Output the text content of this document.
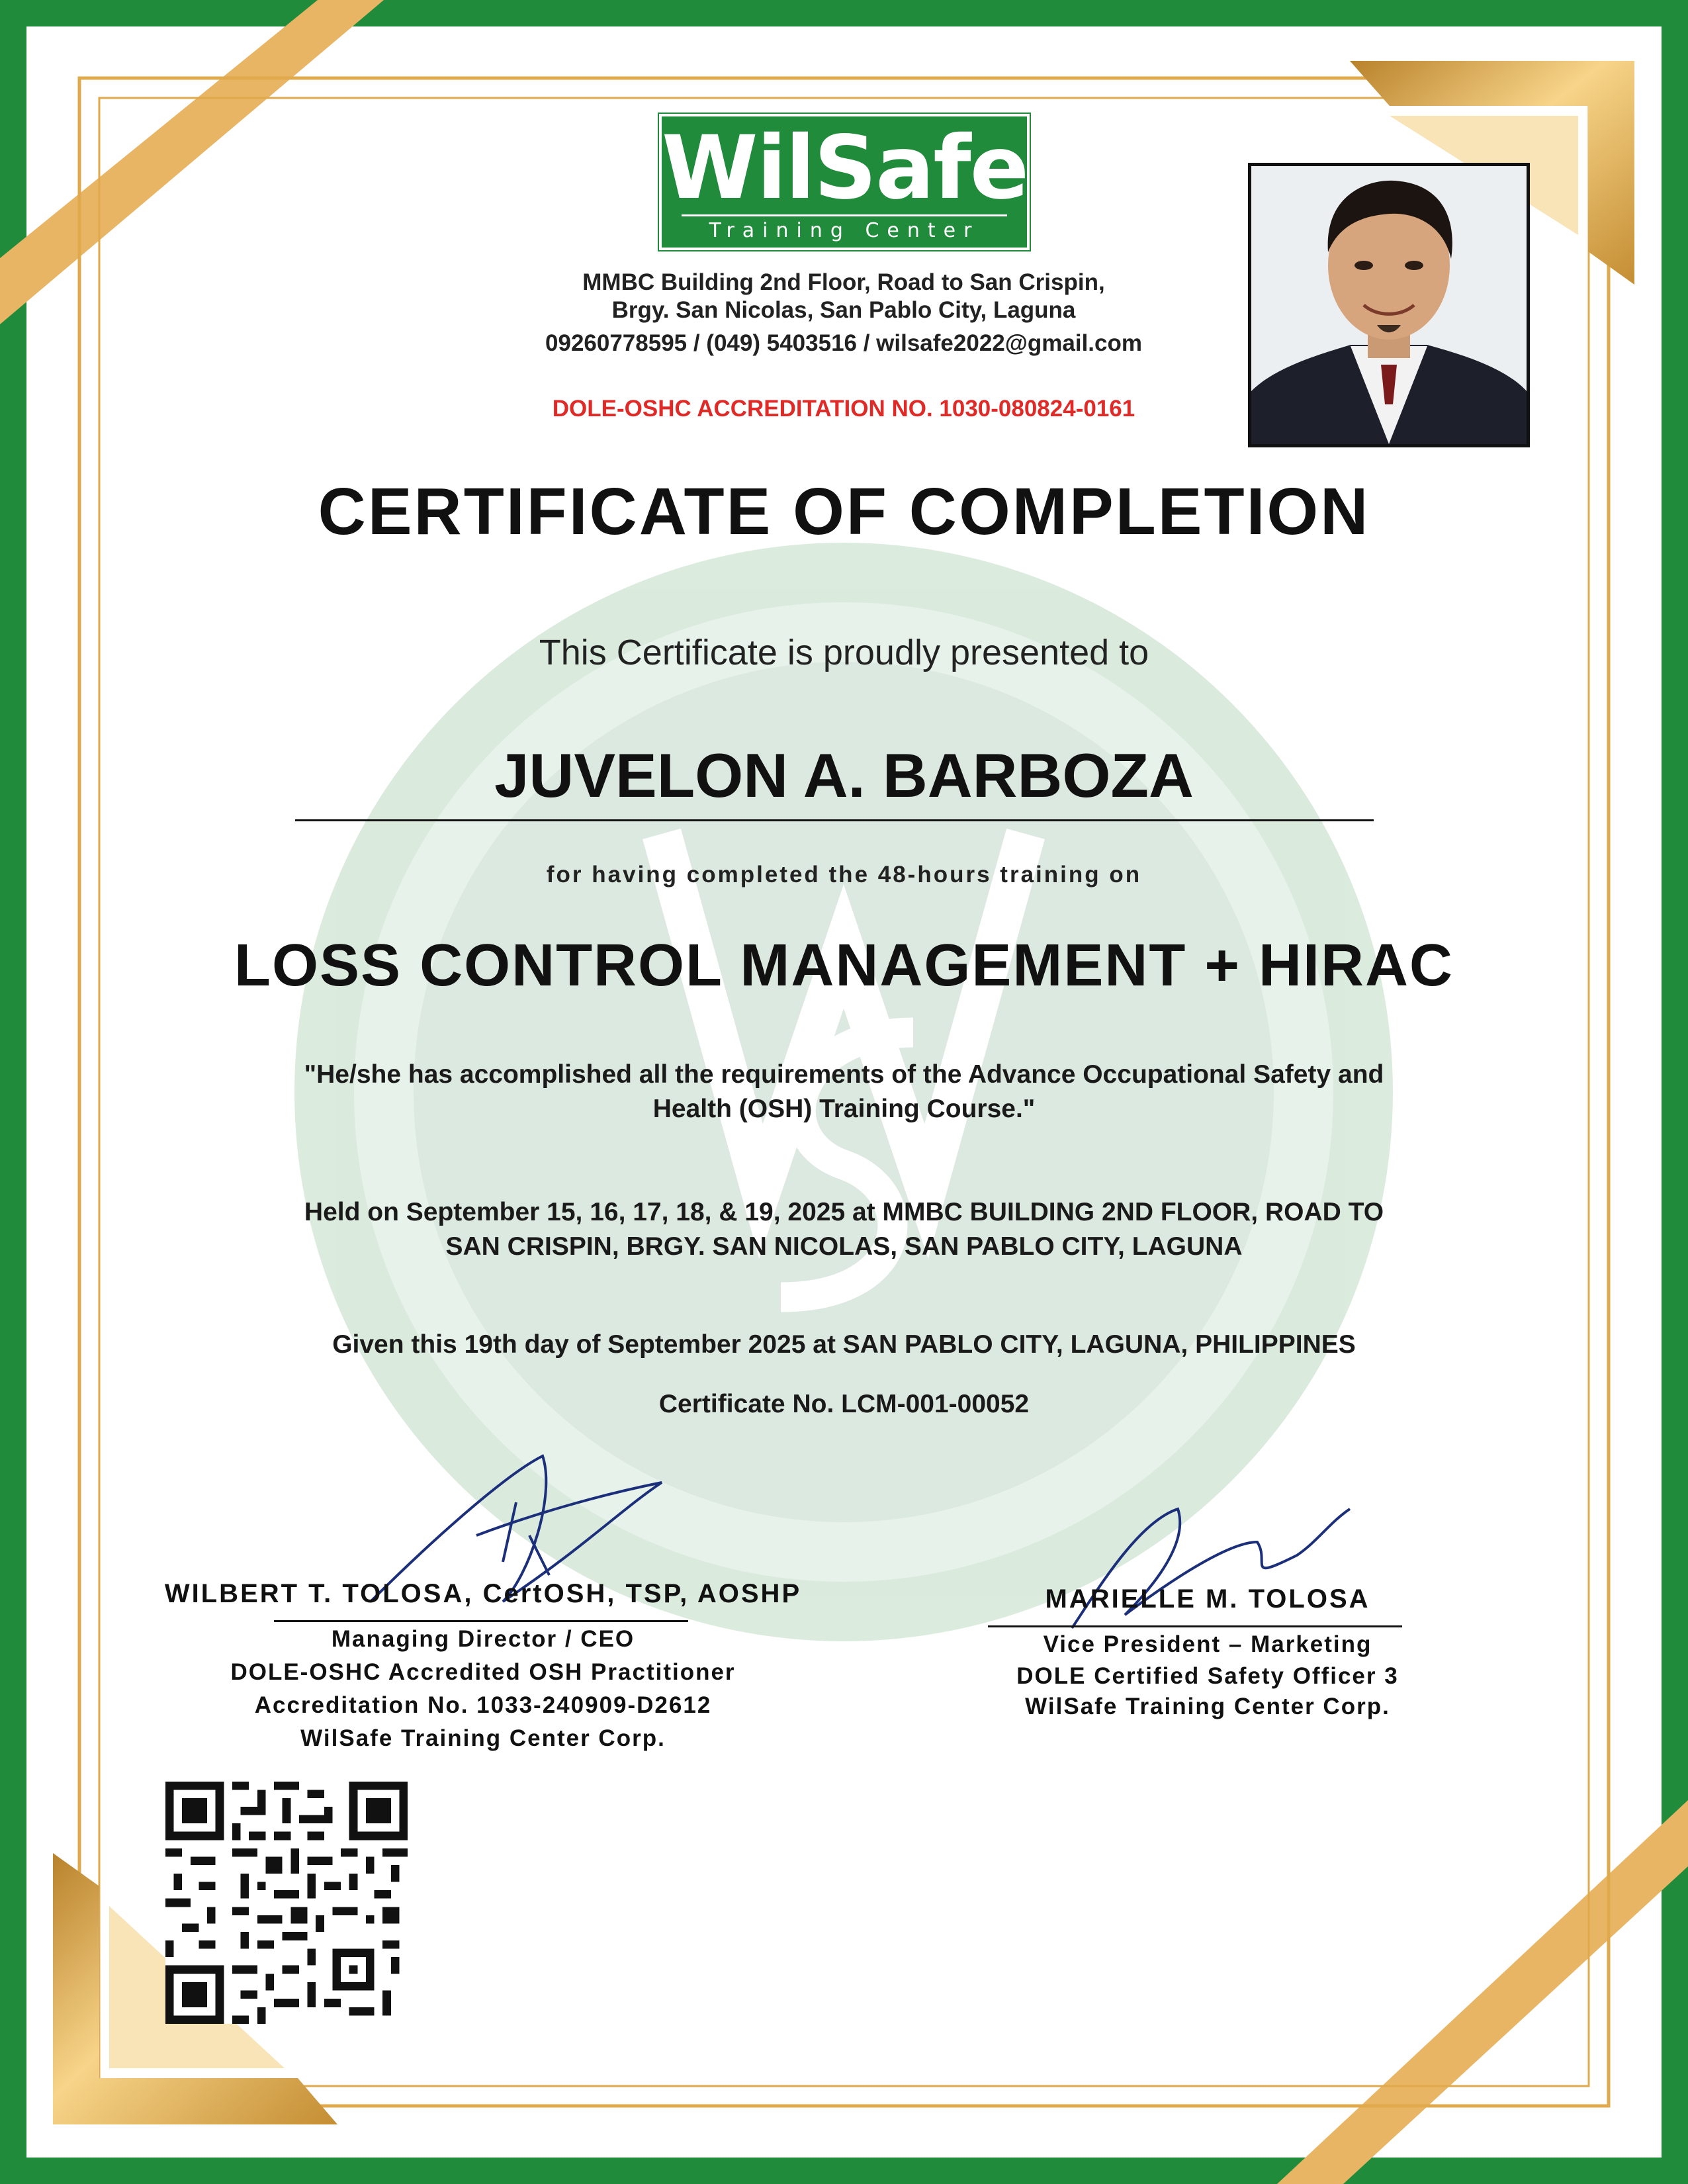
WilSafe
Training Center
MMBC Building 2nd Floor, Road to San Crispin,
Brgy. San Nicolas, San Pablo City, Laguna
09260778595 / (049) 5403516 / wilsafe2022@gmail.com
DOLE-OSHC ACCREDITATION NO. 1030-080824-0161
CERTIFICATE OF COMPLETION
This Certificate is proudly presented to
JUVELON A. BARBOZA
for having completed the 48-hours training on
LOSS CONTROL MANAGEMENT + HIRAC
"He/she has accomplished all the requirements of the Advance Occupational Safety and
Health (OSH) Training Course."
Held on September 15, 16, 17, 18, & 19, 2025 at MMBC BUILDING 2ND FLOOR, ROAD TO
SAN CRISPIN, BRGY. SAN NICOLAS, SAN PABLO CITY, LAGUNA
Given this 19th day of September 2025 at SAN PABLO CITY, LAGUNA, PHILIPPINES
Certificate No. LCM-001-00052
WILBERT T. TOLOSA, CertOSH, TSP, AOSHP
Managing Director / CEO
DOLE-OSHC Accredited OSH Practitioner
Accreditation No. 1033-240909-D2612
WilSafe Training Center Corp.
MARIELLE M. TOLOSA
Vice President – Marketing
DOLE Certified Safety Officer 3
WilSafe Training Center Corp.
